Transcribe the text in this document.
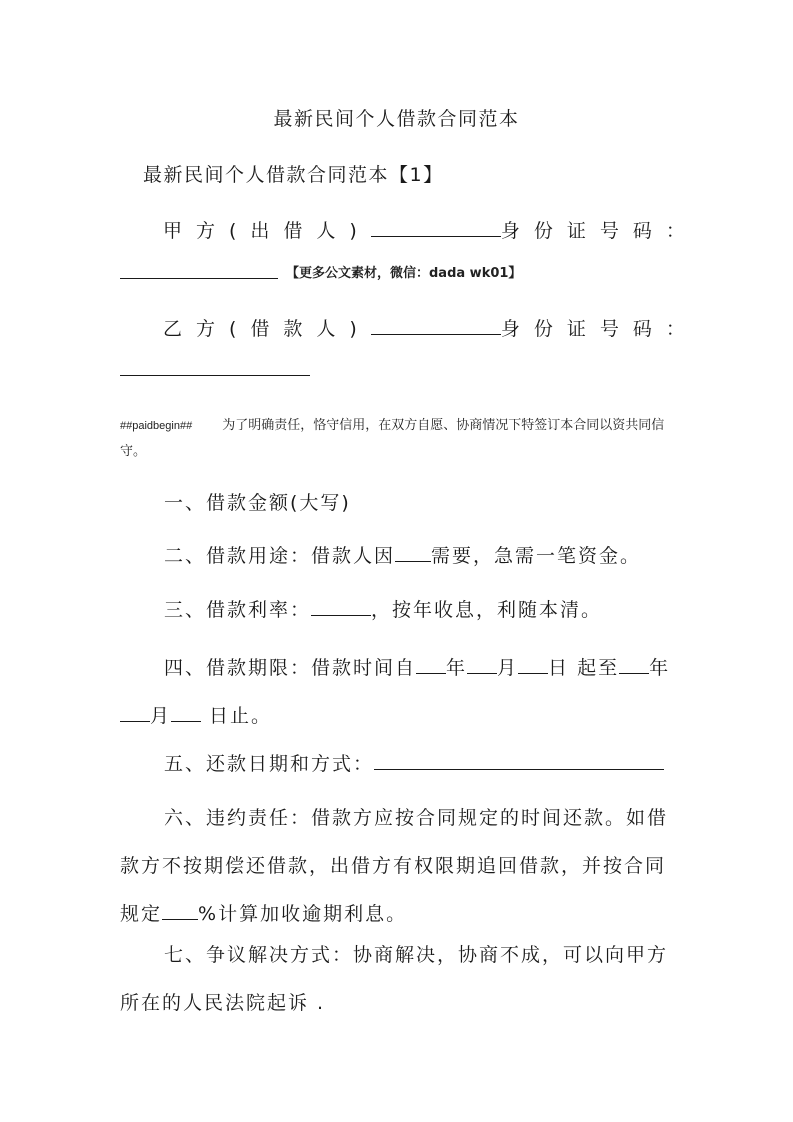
最新民间个人借款合同范本
最新民间个人借款合同范本【1】
甲方(出借人)	身份证号码：
【更多公文素材，微信：dada wk01】
乙方(借款人)	身份证号码：

##paidbegin## 为了明确责任，恪守信用，在双方自愿、协商情况下特签订本合同以资共同信守。

一、借款金额(大写)

二、借款用途：借款人因 需要，急需一笔资金。

三、借款利率：	，按年收息，利随本清。

四、借款期限：借款时间自 年 月 日 起至 年月 日止。

五、还款日期和方式：

六、违约责任：借款方应按合同规定的时间还款。如借款方不按期偿还借款，出借方有权限期追回借款，并按合同规定 %计算加收逾期利息。

七、争议解决方式：协商解决，协商不成，可以向甲方所在的人民法院起诉 .
